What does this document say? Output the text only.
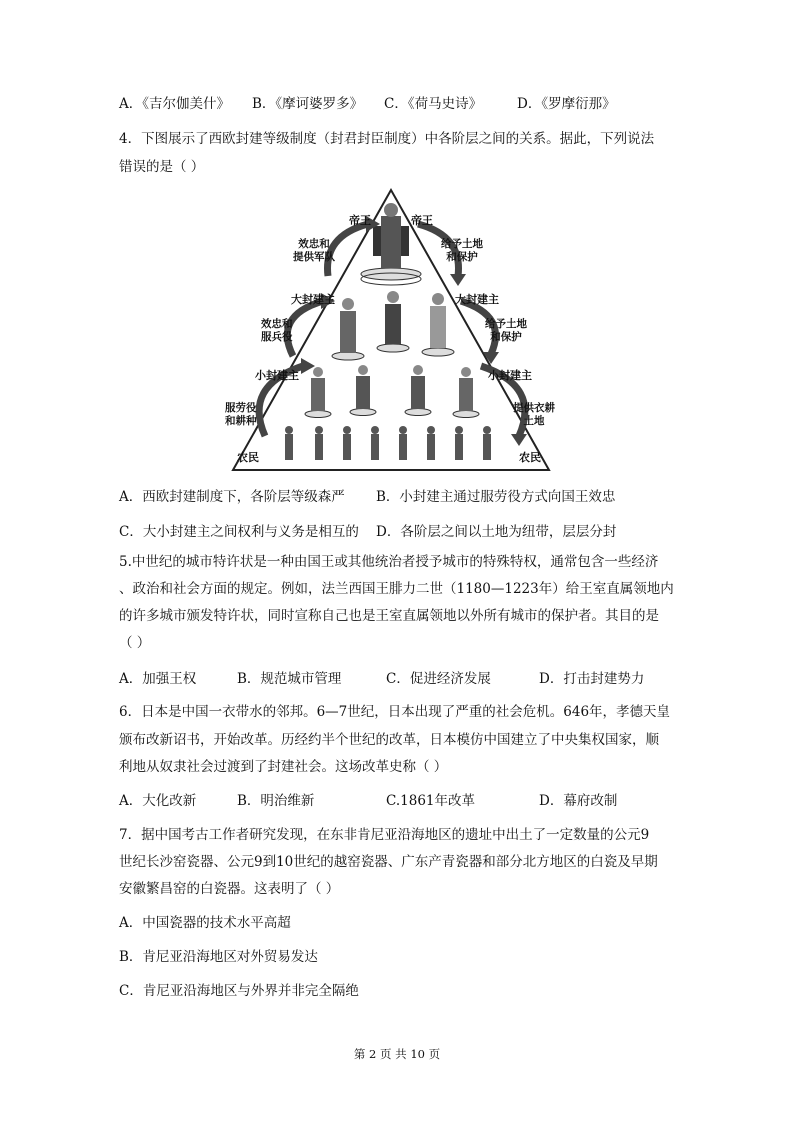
A．《吉尔伽美什》 B．《摩诃婆罗多》 C．《荷马史诗》	D．《罗摩衍那》
4．下图展示了西欧封建等级制度（封君封臣制度）中各阶层之间的关系。据此，下列说法
错误的是（ ）
帝王	帝王
大封建主	大封建主
小封建主	小封建主
农民	农民
效忠和
提供军队
效忠和
服兵役
服劳役
和耕种
给予土地
和保护
给予土地
和保护
提供衣耕
土地
A．西欧封建制度下，各阶层等级森严 B．小封建主通过服劳役方式向国王效忠
C．大小封建主之间权利与义务是相互的 D．各阶层之间以土地为纽带，层层分封
5.中世纪的城市特许状是一种由国王或其他统治者授予城市的特殊特权，通常包含一些经济
、政治和社会方面的规定。例如，法兰西国王腓力二世（1180—1223年）给王室直属领地内
的许多城市颁发特许状，同时宣称自己也是王室直属领地以外所有城市的保护者。其目的是
（ ）
A．加强王权	B．规范城市管理	C．促进经济发展	D．打击封建势力
6．日本是中国一衣带水的邻邦。6—7世纪，日本出现了严重的社会危机。646年，孝德天皇
颁布改新诏书，开始改革。历经约半个世纪的改革，日本模仿中国建立了中央集权国家，顺
利地从奴隶社会过渡到了封建社会。这场改革史称（ ）
A．大化改新	B．明治维新	C.1861年改革	D．幕府改制
7．据中国考古工作者研究发现，在东非肯尼亚沿海地区的遗址中出土了一定数量的公元9
世纪长沙窑瓷器、公元9到10世纪的越窑瓷器、广东产青瓷器和部分北方地区的白瓷及早期
安徽繁昌窑的白瓷器。这表明了（ ）
A．中国瓷器的技术水平高超
B．肯尼亚沿海地区对外贸易发达
C．肯尼亚沿海地区与外界并非完全隔绝
第 2 页 共 10 页
